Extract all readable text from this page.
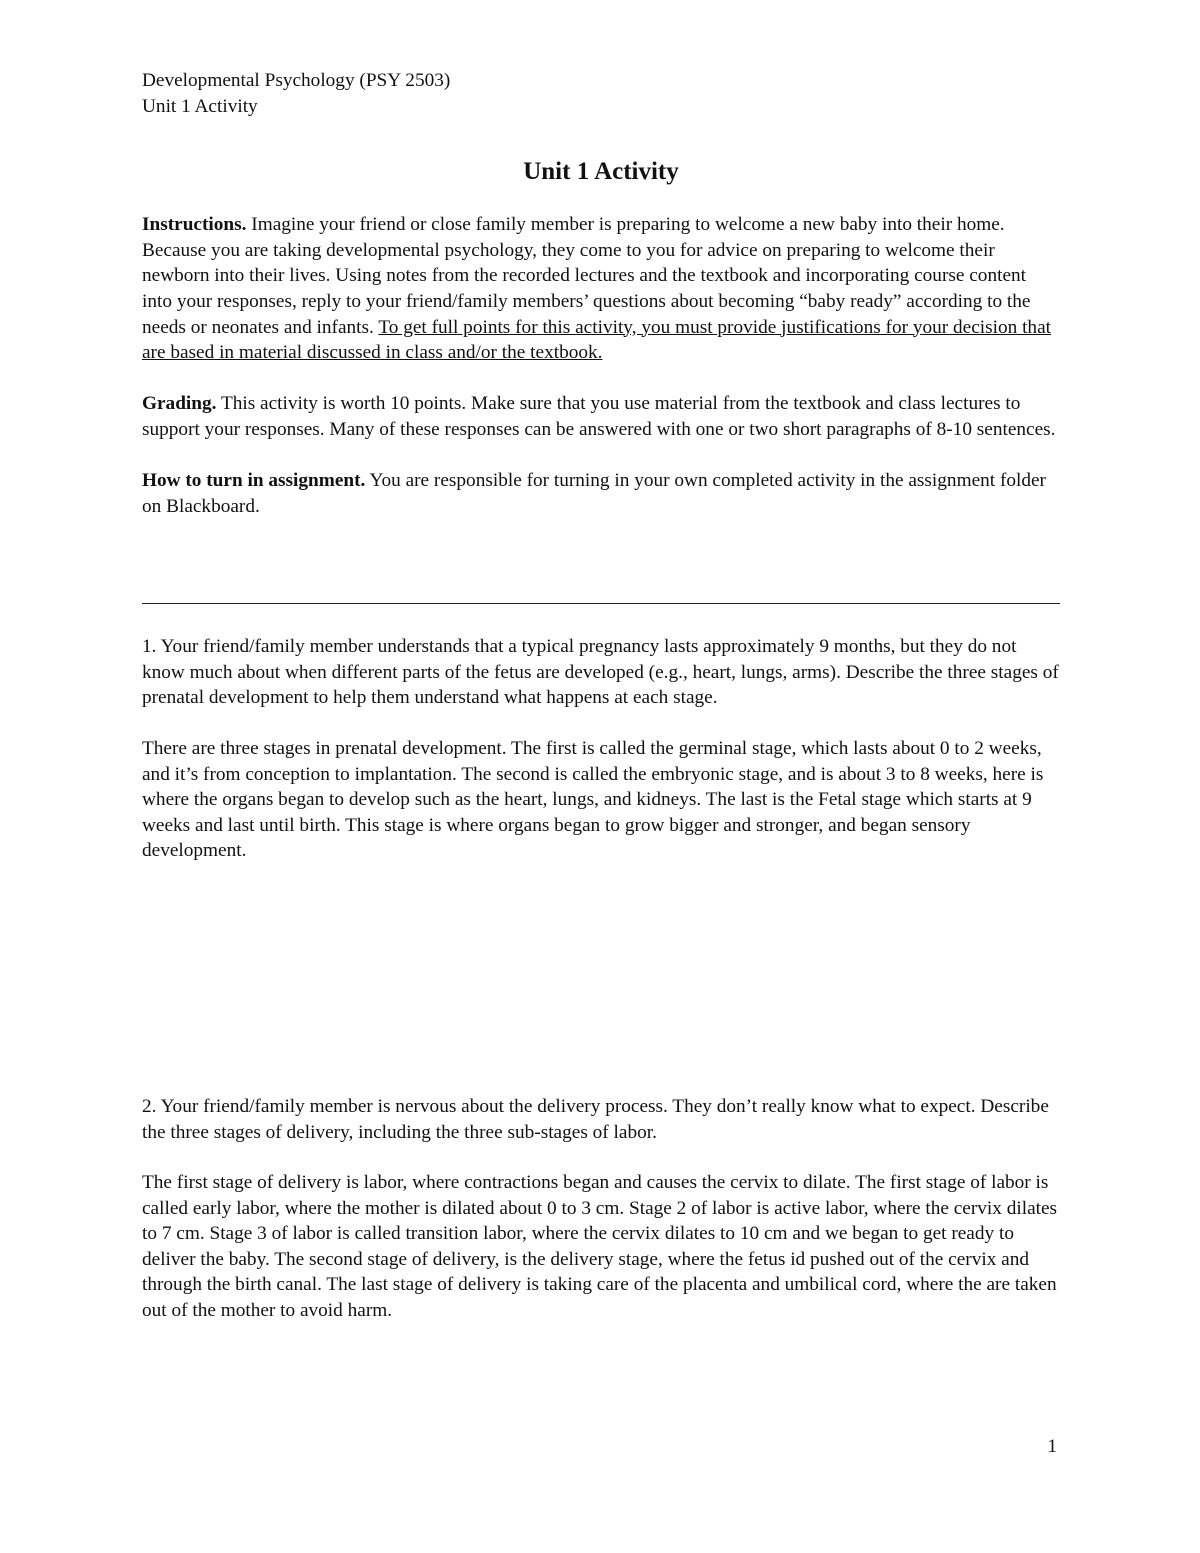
Developmental Psychology (PSY 2503)

Unit 1 Activity

Unit 1 Activity

Instructions. Imagine your friend or close family member is preparing to welcome a new baby into their home. Because you are taking developmental psychology, they come to you for advice on preparing to welcome their newborn into their lives. Using notes from the recorded lectures and the textbook and incorporating course content into your responses, reply to your friend/family members’ questions about becoming “baby ready” according to the needs or neonates and infants. To get full points for this activity, you must provide justifications for your decision that are based in material discussed in class and/or the textbook.

Grading. This activity is worth 10 points. Make sure that you use material from the textbook and class lectures to support your responses. Many of these responses can be answered with one or two short paragraphs of 8-10 sentences.

How to turn in assignment. You are responsible for turning in your own completed activity in the assignment folder on Blackboard.

1. Your friend/family member understands that a typical pregnancy lasts approximately 9 months, but they do not know much about when different parts of the fetus are developed (e.g., heart, lungs, arms). Describe the three stages of prenatal development to help them understand what happens at each stage.

There are three stages in prenatal development. The first is called the germinal stage, which lasts about 0 to 2 weeks, and it’s from conception to implantation. The second is called the embryonic stage, and is about 3 to 8 weeks, here is where the organs began to develop such as the heart, lungs, and kidneys. The last is the Fetal stage which starts at 9 weeks and last until birth. This stage is where organs began to grow bigger and stronger, and began sensory development.

2. Your friend/family member is nervous about the delivery process. They don’t really know what to expect. Describe the three stages of delivery, including the three sub-stages of labor.

The first stage of delivery is labor, where contractions began and causes the cervix to dilate. The first stage of labor is called early labor, where the mother is dilated about 0 to 3 cm. Stage 2 of labor is active labor, where the cervix dilates to 7 cm. Stage 3 of labor is called transition labor, where the cervix dilates to 10 cm and we began to get ready to deliver the baby. The second stage of delivery, is the delivery stage, where the fetus id pushed out of the cervix and through the birth canal. The last stage of delivery is taking care of the placenta and umbilical cord, where the are taken out of the mother to avoid harm.

1
